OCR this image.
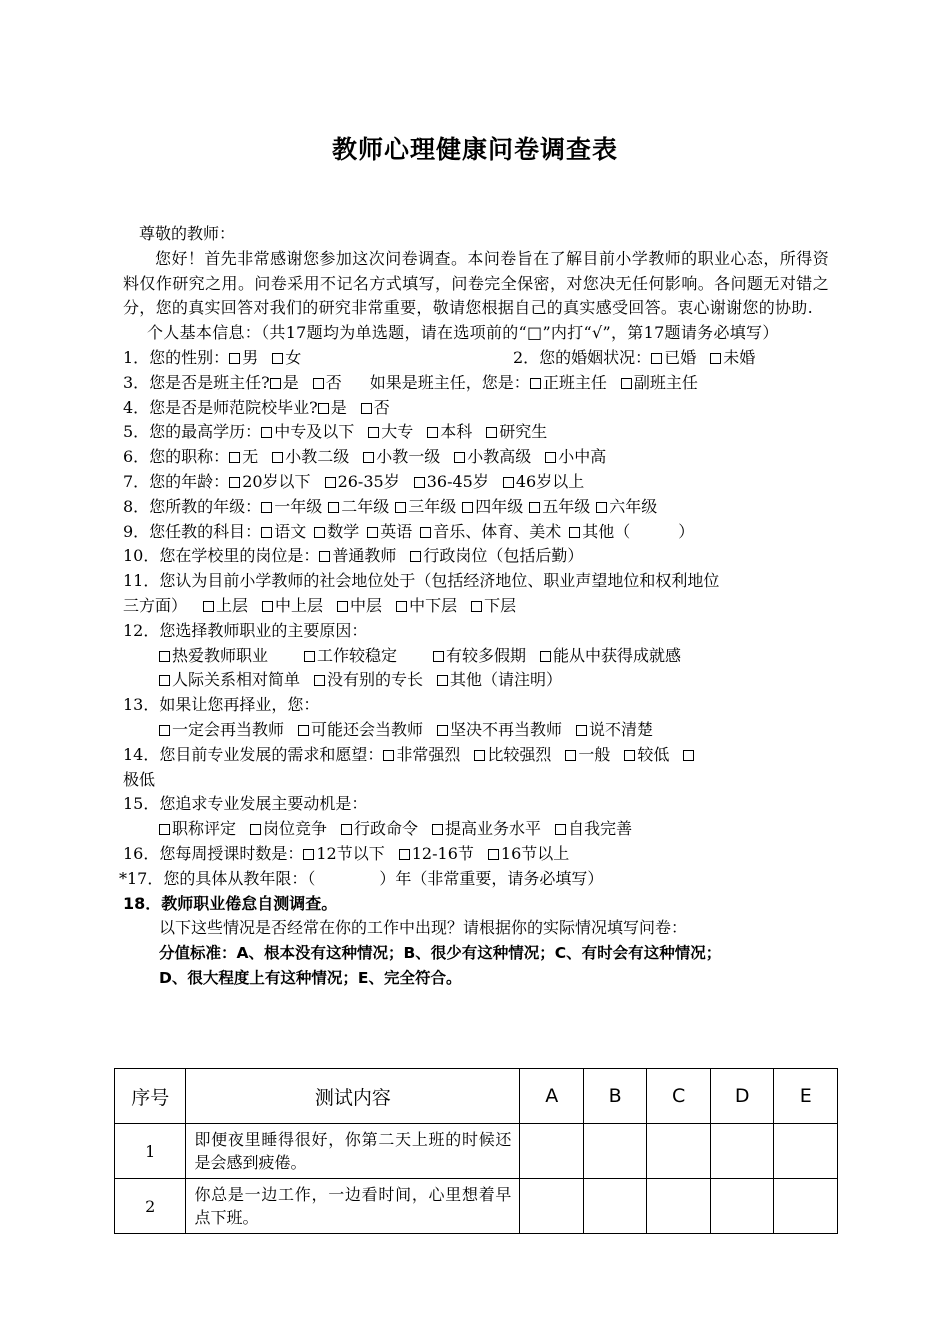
教师心理健康问卷调查表
尊敬的教师：
您好！首先非常感谢您参加这次问卷调查。本问卷旨在了解目前小学教师的职业心态，所得资料仅作研究之用。问卷采用不记名方式填写，问卷完全保密，对您决无任何影响。各问题无对错之分，您的真实回答对我们的研究非常重要，敬请您根据自己的真实感受回答。衷心谢谢您的协助.
个人基本信息：（共17题均为单选题，请在选项前的“□”内打“√”，第17题请务必填写）
1．您的性别： 男 女	2．您的婚姻状况： 已婚 未婚
3．您是否是班主任? 是 否 如果是班主任，您是： 正班主任 副班主任
4．您是否是师范院校毕业? 是 否
5．您的最高学历： 中专及以下 大专 本科 研究生
6．您的职称： 无 小教二级 小教一级 小教高级 小中高
7．您的年龄： 20岁以下 26-35岁 36-45岁 46岁以上
8．您所教的年级： 一年级 二年级 三年级 四年级 五年级 六年级
9．您任教的科目： 语文 数学 英语 音乐、体育、美术 其他（　　　）
10．您在学校里的岗位是： 普通教师 行政岗位（包括后勤）
11．您认为目前小学教师的社会地位处于（包括经济地位、职业声望地位和权利地位
三方面） 上层 中上层 中层 中下层 下层
12．您选择教师职业的主要原因：
热爱教师职业	工作较稳定	有较多假期 能从中获得成就感
人际关系相对简单 没有别的专长 其他（请注明）
13．如果让您再择业，您：
一定会再当教师 可能还会当教师 坚决不再当教师 说不清楚
14．您目前专业发展的需求和愿望： 非常强烈 比较强烈 一般 较低
极低
15．您追求专业发展主要动机是：
职称评定 岗位竞争 行政命令 提高业务水平 自我完善
16．您每周授课时数是： 12节以下 12-16节 16节以上
*17．您的具体从教年限：（　　　　）年（非常重要，请务必填写）
18．教师职业倦怠自测调查。
以下这些情况是否经常在你的工作中出现？请根据你的实际情况填写问卷：
分值标准：A、根本没有这种情况；B、很少有这种情况；C、有时会有这种情况；
D、很大程度上有这种情况；E、完全符合。
序号	测试内容	A	B	C	D	E
1	即便夜里睡得很好，你第二天上班的时候还是会感到疲倦。					
2	你总是一边工作，一边看时间，心里想着早点下班。					
